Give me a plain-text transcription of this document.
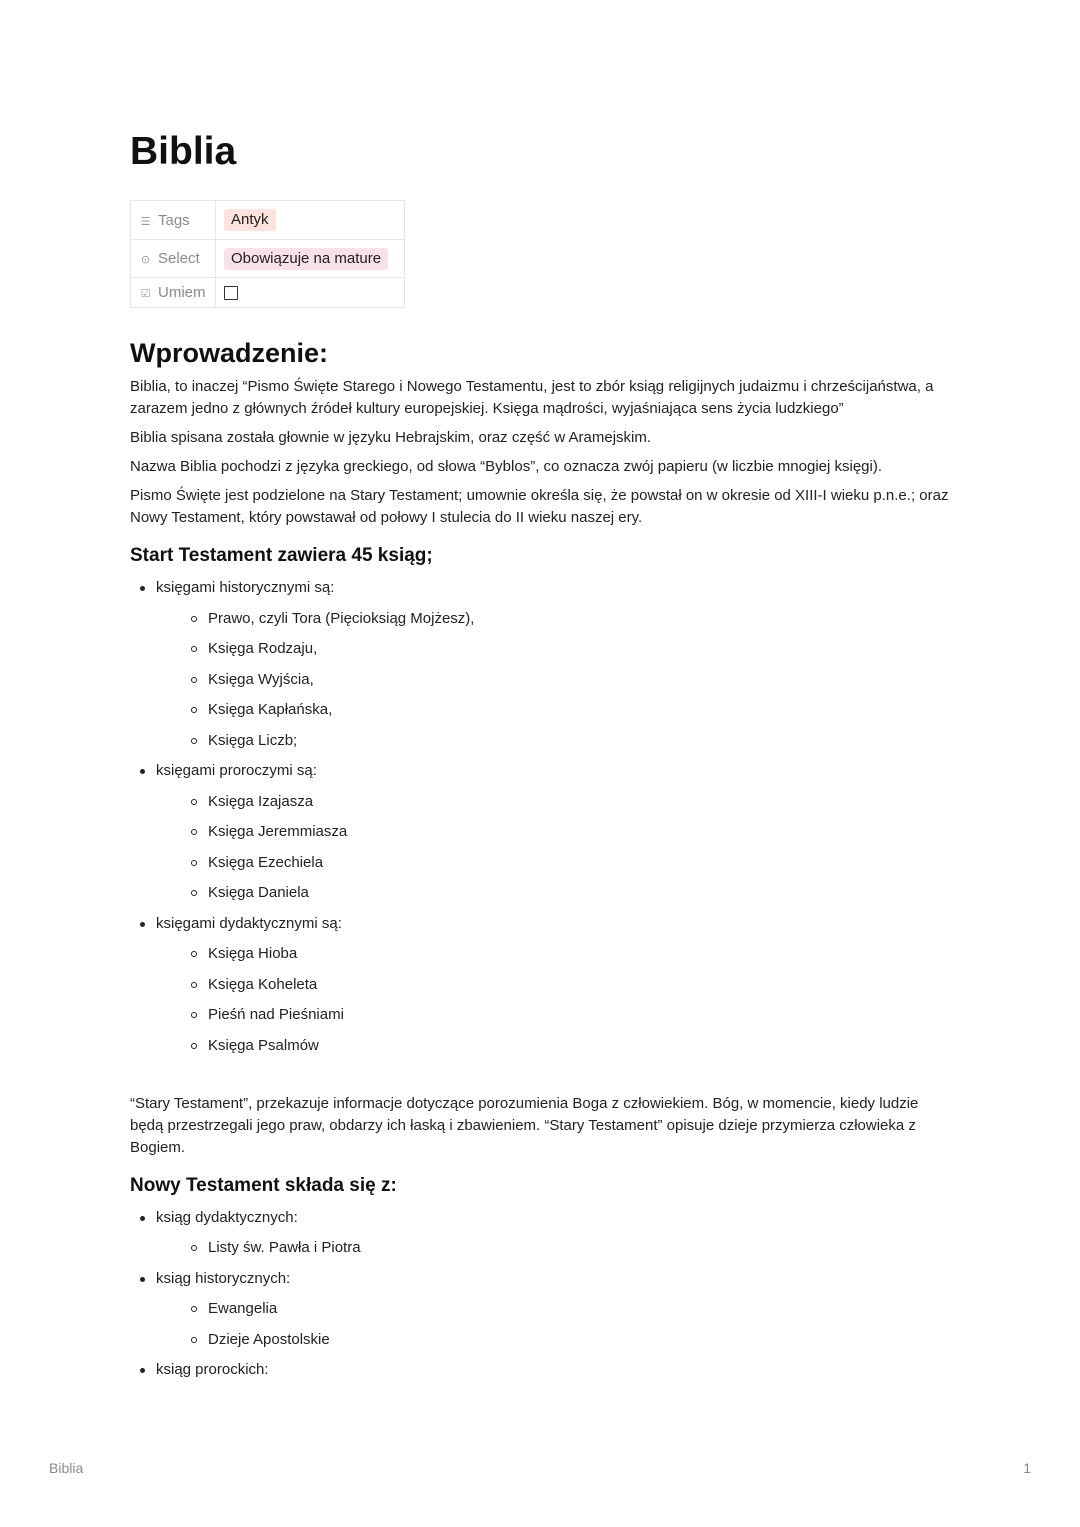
Biblia
☰ Tags	Antyk
⊙ Select	Obowiązuje na mature
☑ Umiem	
Wprowadzenie:

Biblia, to inaczej “Pismo Święte Starego i Nowego Testamentu, jest to zbór ksiąg religijnych judaizmu i chrześcijaństwa, a zarazem jedno z głównych źródeł kultury europejskiej. Księga mądrości, wyjaśniająca sens życia ludzkiego”

Biblia spisana została głownie w języku Hebrajskim, oraz część w Aramejskim.

Nazwa Biblia pochodzi z języka greckiego, od słowa “Byblos”, co oznacza zwój papieru (w liczbie mnogiej księgi).

Pismo Święte jest podzielone na Stary Testament; umownie określa się, że powstał on w okresie od XIII-I wieku p.n.e.; oraz Nowy Testament, który powstawał od połowy I stulecia do II wieku naszej ery.

Start Testament zawiera 45 ksiąg;
księgami historycznymi są:
Prawo, czyli Tora (Pięcioksiąg Mojżesz),
Księga Rodzaju,
Księga Wyjścia,
Księga Kapłańska,
Księga Liczb;
księgami proroczymi są:
Księga Izajasza
Księga Jeremmiasza
Księga Ezechiela
Księga Daniela
księgami dydaktycznymi są:
Księga Hioba
Księga Koheleta
Pieśń nad Pieśniami
Księga Psalmów

“Stary Testament”, przekazuje informacje dotyczące porozumienia Boga z człowiekiem. Bóg, w momencie, kiedy ludzie będą przestrzegali jego praw, obdarzy ich łaską i zbawieniem. “Stary Testament” opisuje dzieje przymierza człowieka z Bogiem.

Nowy Testament składa się z:
ksiąg dydaktycznych:
Listy św. Pawła i Piotra
ksiąg historycznych:
Ewangelia
Dzieje Apostolskie
ksiąg prorockich:
Biblia	1
